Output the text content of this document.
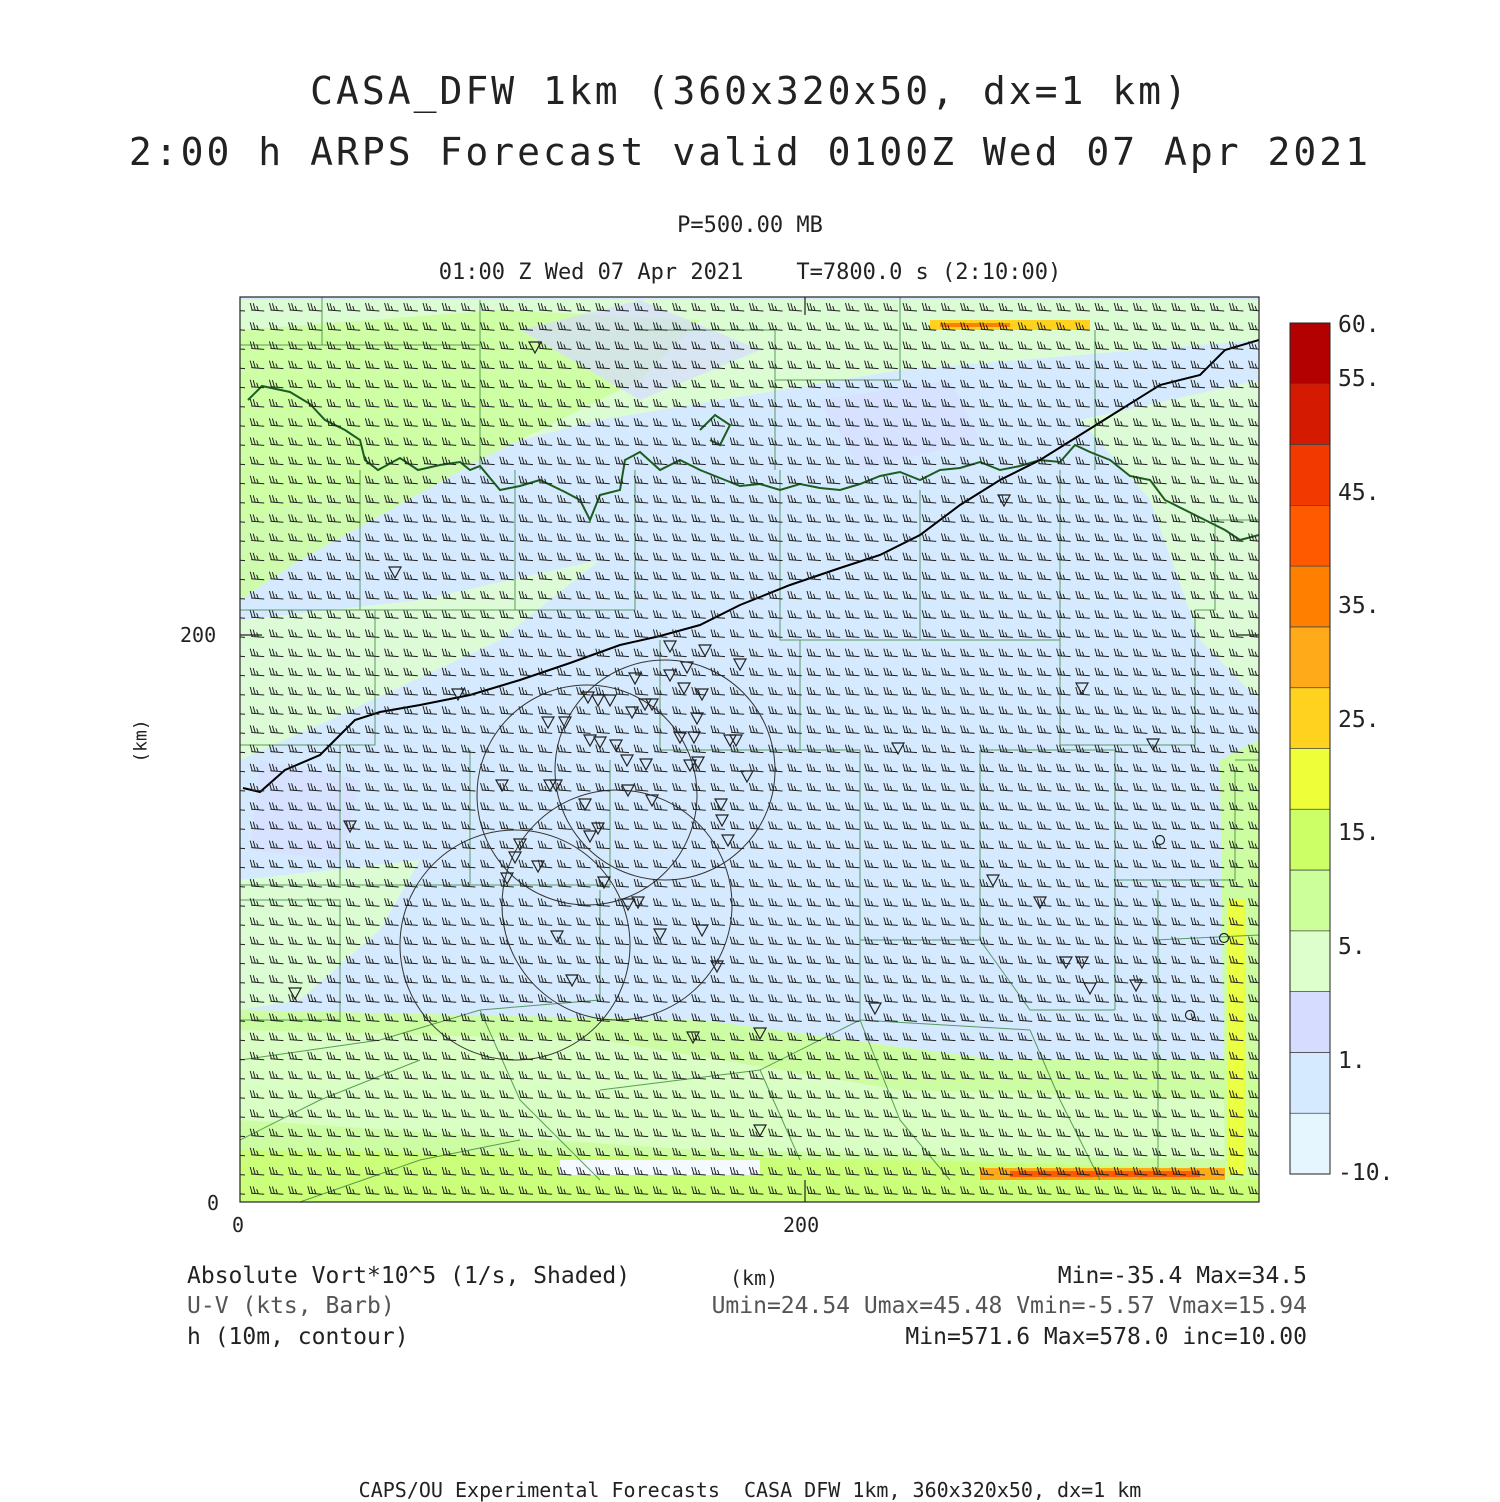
CASA_DFW 1km (360x320x50, dx=1 km)
2:00 h ARPS Forecast valid 0100Z Wed 07 Apr 2021
P=500.00 MB
01:00 Z Wed 07 Apr 2021    T=7800.0 s (2:10:00)
200
0
0	200
(km)
60.
55.
45.
35.
25.
15.
5.
1.
-10.
Absolute Vort*10^5 (1/s, Shaded)	(km)	Min=-35.4 Max=34.5
U-V (kts, Barb)	Umin=24.54 Umax=45.48 Vmin=-5.57 Vmax=15.94
h (10m, contour)	Min=571.6 Max=578.0 inc=10.00
CAPS/OU Experimental Forecasts  CASA DFW 1km, 360x320x50, dx=1 km
